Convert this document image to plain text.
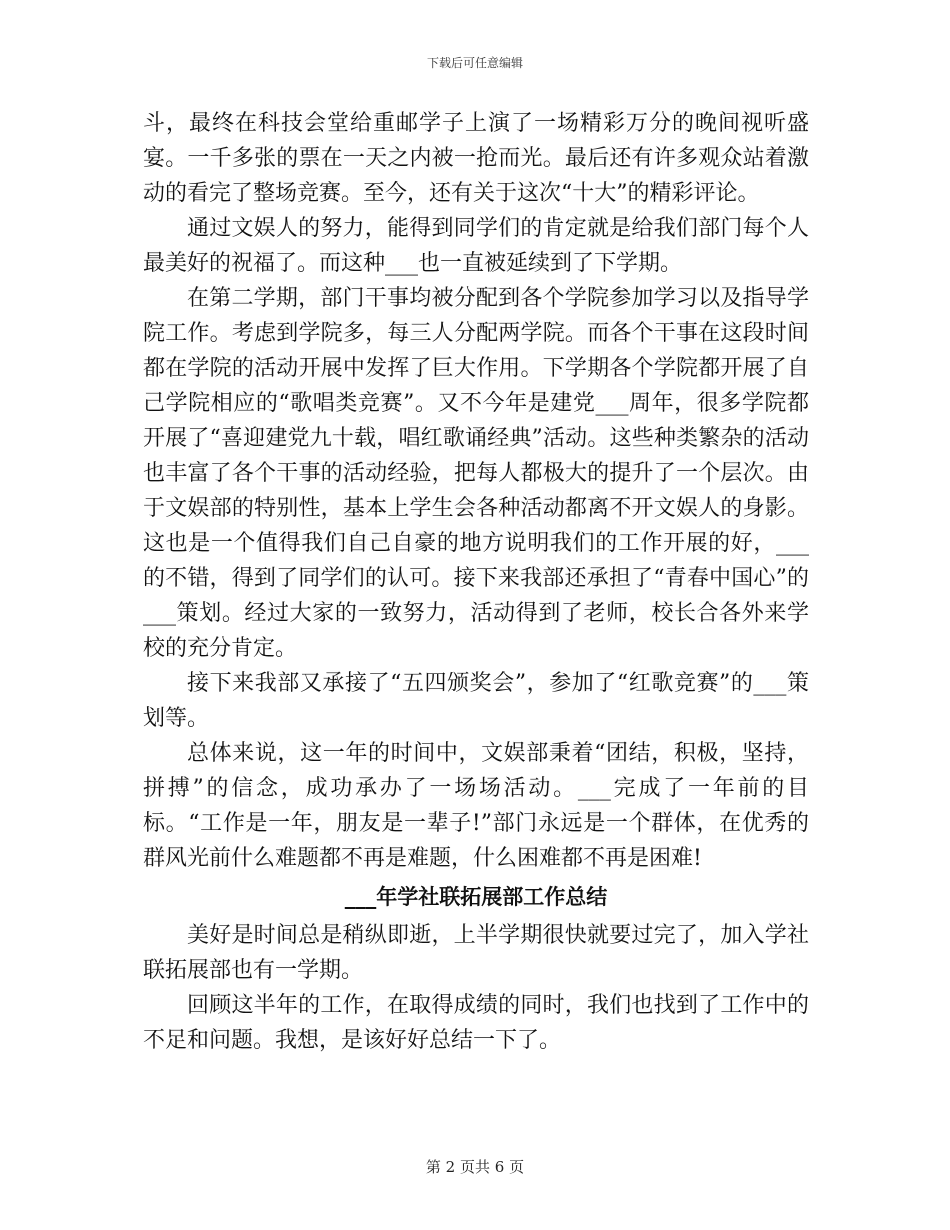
下载后可任意编辑

斗，最终在科技会堂给重邮学子上演了一场精彩万分的晚间视听盛宴。一千多张的票在一天之内被一抢而光。最后还有许多观众站着激动的看完了整场竞赛。至今，还有关于这次“十大”的精彩评论。

通过文娱人的努力，能得到同学们的肯定就是给我们部门每个人最美好的祝福了。而这种___也一直被延续到了下学期。

在第二学期，部门干事均被分配到各个学院参加学习以及指导学院工作。考虑到学院多，每三人分配两学院。而各个干事在这段时间都在学院的活动开展中发挥了巨大作用。下学期各个学院都开展了自己学院相应的“歌唱类竞赛”。又不今年是建党___周年，很多学院都开展了“喜迎建党九十载，唱红歌诵经典”活动。这些种类繁杂的活动也丰富了各个干事的活动经验，把每人都极大的提升了一个层次。由于文娱部的特别性，基本上学生会各种活动都离不开文娱人的身影。这也是一个值得我们自己自豪的地方说明我们的工作开展的好，___的不错，得到了同学们的认可。接下来我部还承担了“青春中国心”的___策划。经过大家的一致努力，活动得到了老师，校长合各外来学校的充分肯定。

接下来我部又承接了“五四颁奖会”，参加了“红歌竞赛”的___策划等。

总体来说，这一年的时间中，文娱部秉着“团结，积极，坚持，拼搏”的信念，成功承办了一场场活动。___完成了一年前的目标。“工作是一年，朋友是一辈子!”部门永远是一个群体，在优秀的群风光前什么难题都不再是难题，什么困难都不再是困难!

___年学社联拓展部工作总结

美好是时间总是稍纵即逝，上半学期很快就要过完了，加入学社联拓展部也有一学期。

回顾这半年的工作，在取得成绩的同时，我们也找到了工作中的不足和问题。我想，是该好好总结一下了。

第 2 页共 6 页
